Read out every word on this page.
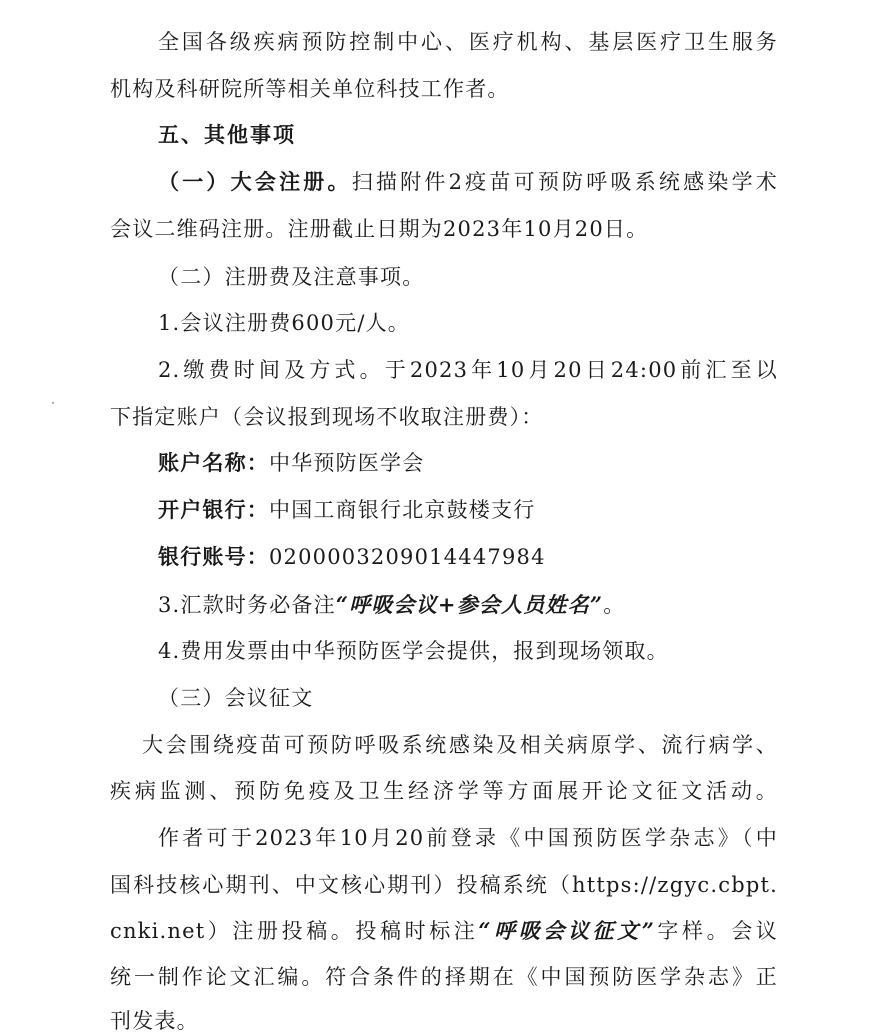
全国各级疾病预防控制中心、医疗机构、基层医疗卫生服务
机构及科研院所等相关单位科技工作者。
五、其他事项
（一）大会注册。扫描附件2疫苗可预防呼吸系统感染学术
会议二维码注册。注册截止日期为2023年10月20日。
（二）注册费及注意事项。
1.会议注册费600元/人。
2.缴费时间及方式。于2023年10月20日24:00前汇至以
下指定账户（会议报到现场不收取注册费）：
账户名称：中华预防医学会
开户银行：中国工商银行北京鼓楼支行
银行账号：0200003209014447984
3.汇款时务必备注“呼吸会议+参会人员姓名”。
4.费用发票由中华预防医学会提供，报到现场领取。
（三）会议征文
大会围绕疫苗可预防呼吸系统感染及相关病原学、流行病学、
疾病监测、预防免疫及卫生经济学等方面展开论文征文活动。
作者可于2023年10月20前登录《中国预防医学杂志》（中
国科技核心期刊、中文核心期刊）投稿系统（https://zgyc.cbpt.
cnki.net）注册投稿。投稿时标注“呼吸会议征文”字样。会议
统一制作论文汇编。符合条件的择期在《中国预防医学杂志》正
刊发表。
